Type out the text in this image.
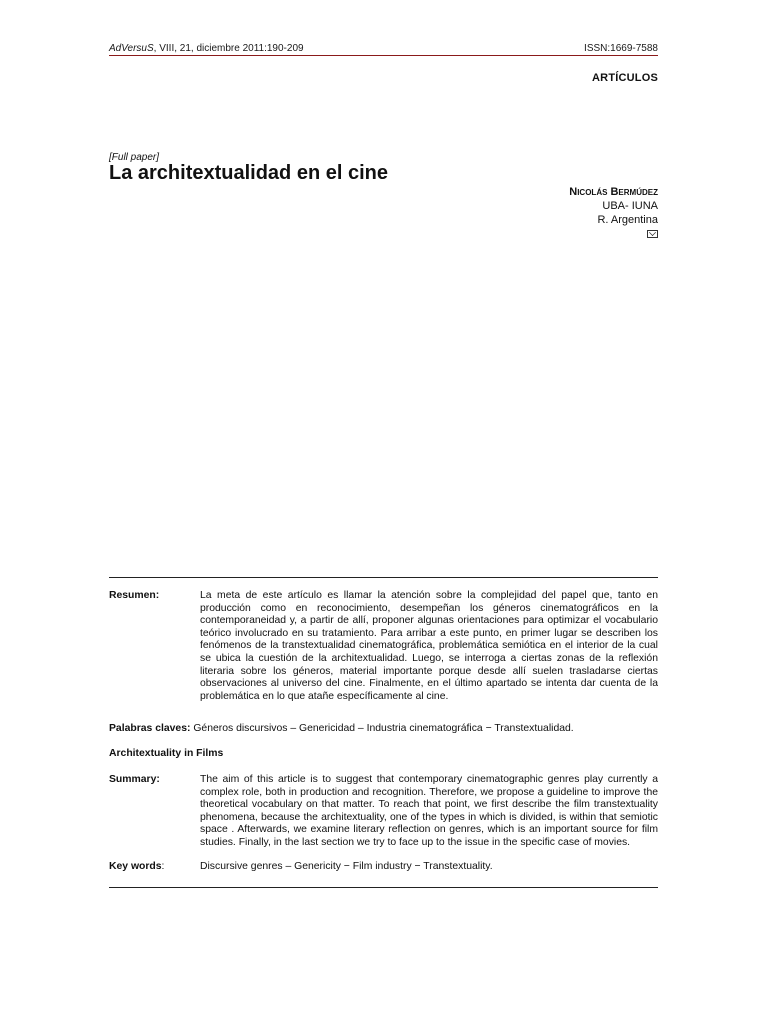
AdVersuS, VIII, 21, diciembre 2011:190-209	ISSN:1669-7588
ARTÍCULOS
[Full paper]
La architextualidad en el cine
Nicolás Bermúdez
UBA- IUNA
R. Argentina
Resumen:	La meta de este artículo es llamar la atención sobre la complejidad del papel que, tanto en producción como en reconocimiento, desempeñan los géneros cinematográficos en la contemporaneidad y, a partir de allí, proponer algunas orientaciones para optimizar el vocabulario teórico involucrado en su tratamiento. Para arribar a este punto, en primer lugar se describen los fenómenos de la transtextualidad cinematográfica, problemática semiótica en el interior de la cual se ubica la cuestión de la architextualidad. Luego, se interroga a ciertas zonas de la reflexión literaria sobre los géneros, material importante porque desde allí suelen trasladarse ciertas observaciones al universo del cine. Finalmente, en el último apartado se intenta dar cuenta de la problemática en lo que atañe específicamente al cine.
Palabras claves: Géneros discursivos – Genericidad – Industria cinematográfica − Transtextualidad.
Architextuality in Films
Summary:	The aim of this article is to suggest that contemporary cinematographic genres play currently a complex role, both in production and recognition. Therefore, we propose a guideline to improve the theoretical vocabulary on that matter. To reach that point, we first describe the film transtextuality phenomena, because the architextuality, one of the types in which is divided, is within that semiotic space . Afterwards, we examine literary reflection on genres, which is an important source for film studies. Finally, in the last section we try to face up to the issue in the specific case of movies.
Key words:	Discursive genres – Genericity − Film industry − Transtextuality.
